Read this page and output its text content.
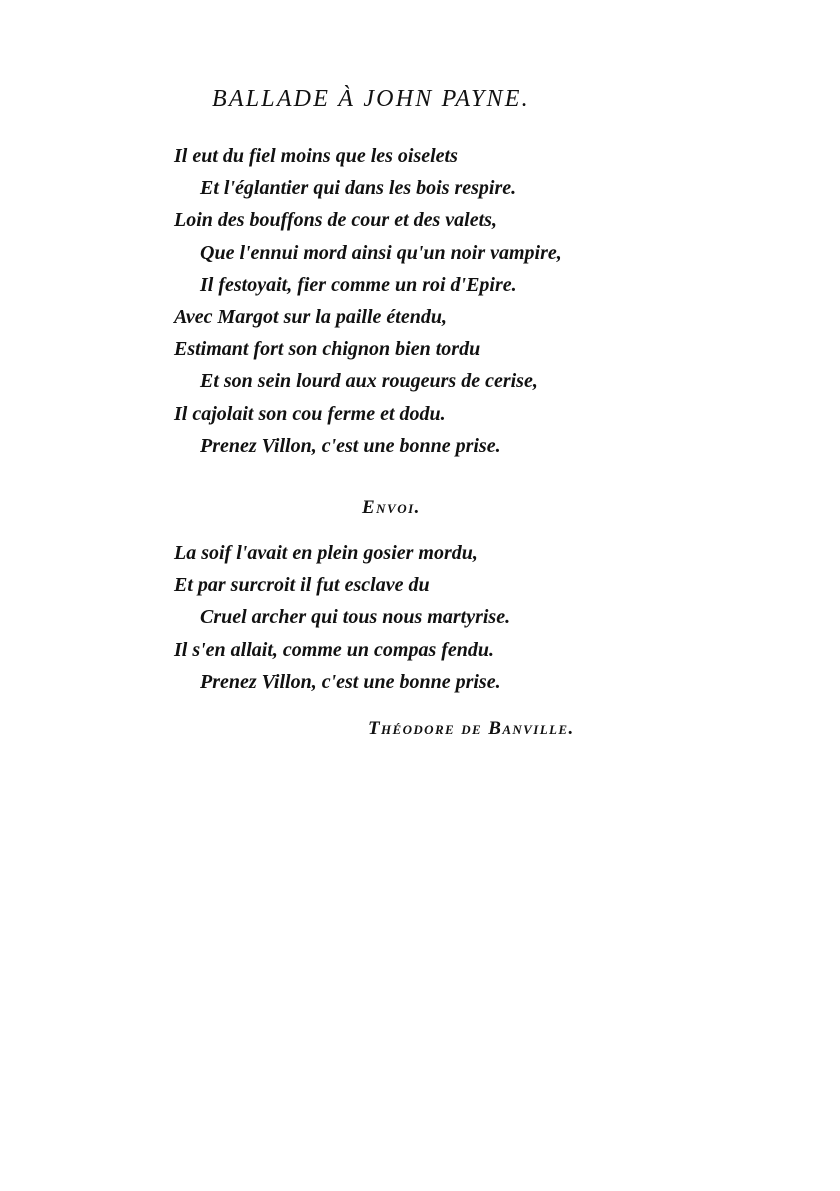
BALLADE À JOHN PAYNE.
Il eut du fiel moins que les oiselets
Et l'églantier qui dans les bois respire.
Loin des bouffons de cour et des valets,
Que l'ennui mord ainsi qu'un noir vampire,
Il festoyait, fier comme un roi d'Epire.
Avec Margot sur la paille étendu,
Estimant fort son chignon bien tordu
Et son sein lourd aux rougeurs de cerise,
Il cajolait son cou ferme et dodu.
Prenez Villon, c'est une bonne prise.
Envoi.
La soif l'avait en plein gosier mordu,
Et par surcroit il fut esclave du
Cruel archer qui tous nous martyrise.
Il s'en allait, comme un compas fendu.
Prenez Villon, c'est une bonne prise.
Théodore de Banville.
